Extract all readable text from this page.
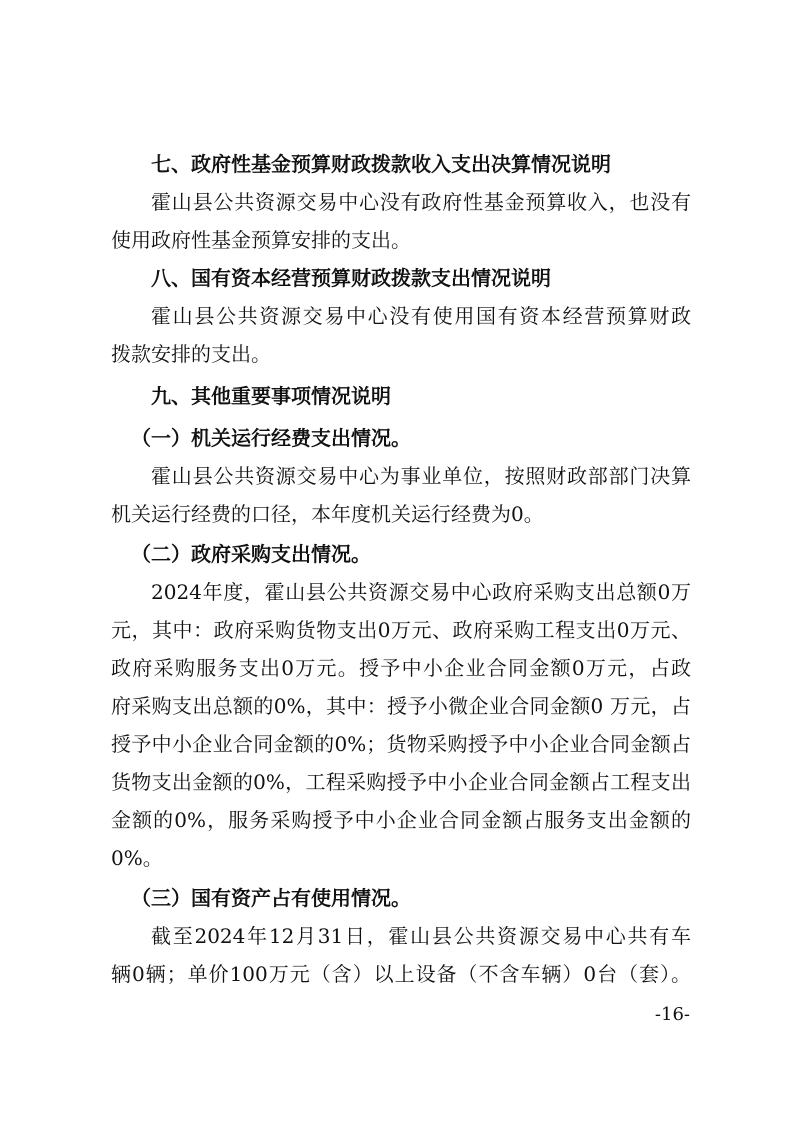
七、政府性基金预算财政拨款收入支出决算情况说明
霍山县公共资源交易中心没有政府性基金预算收入，也没有
使用政府性基金预算安排的支出。
八、国有资本经营预算财政拨款支出情况说明
霍山县公共资源交易中心没有使用国有资本经营预算财政
拨款安排的支出。
九、其他重要事项情况说明
（一）机关运行经费支出情况。
霍山县公共资源交易中心为事业单位，按照财政部部门决算
机关运行经费的口径，本年度机关运行经费为0。
（二）政府采购支出情况。
2024年度，霍山县公共资源交易中心政府采购支出总额0万
元，其中：政府采购货物支出0万元、政府采购工程支出0万元、
政府采购服务支出0万元。授予中小企业合同金额0万元，占政
府采购支出总额的0%，其中：授予小微企业合同金额0 万元，占
授予中小企业合同金额的0%；货物采购授予中小企业合同金额占
货物支出金额的0%，工程采购授予中小企业合同金额占工程支出
金额的0%，服务采购授予中小企业合同金额占服务支出金额的
0%。
（三）国有资产占有使用情况。
截至2024年12月31日，霍山县公共资源交易中心共有车
辆0辆；单价100万元（含）以上设备（不含车辆）0台（套）。
-16-
